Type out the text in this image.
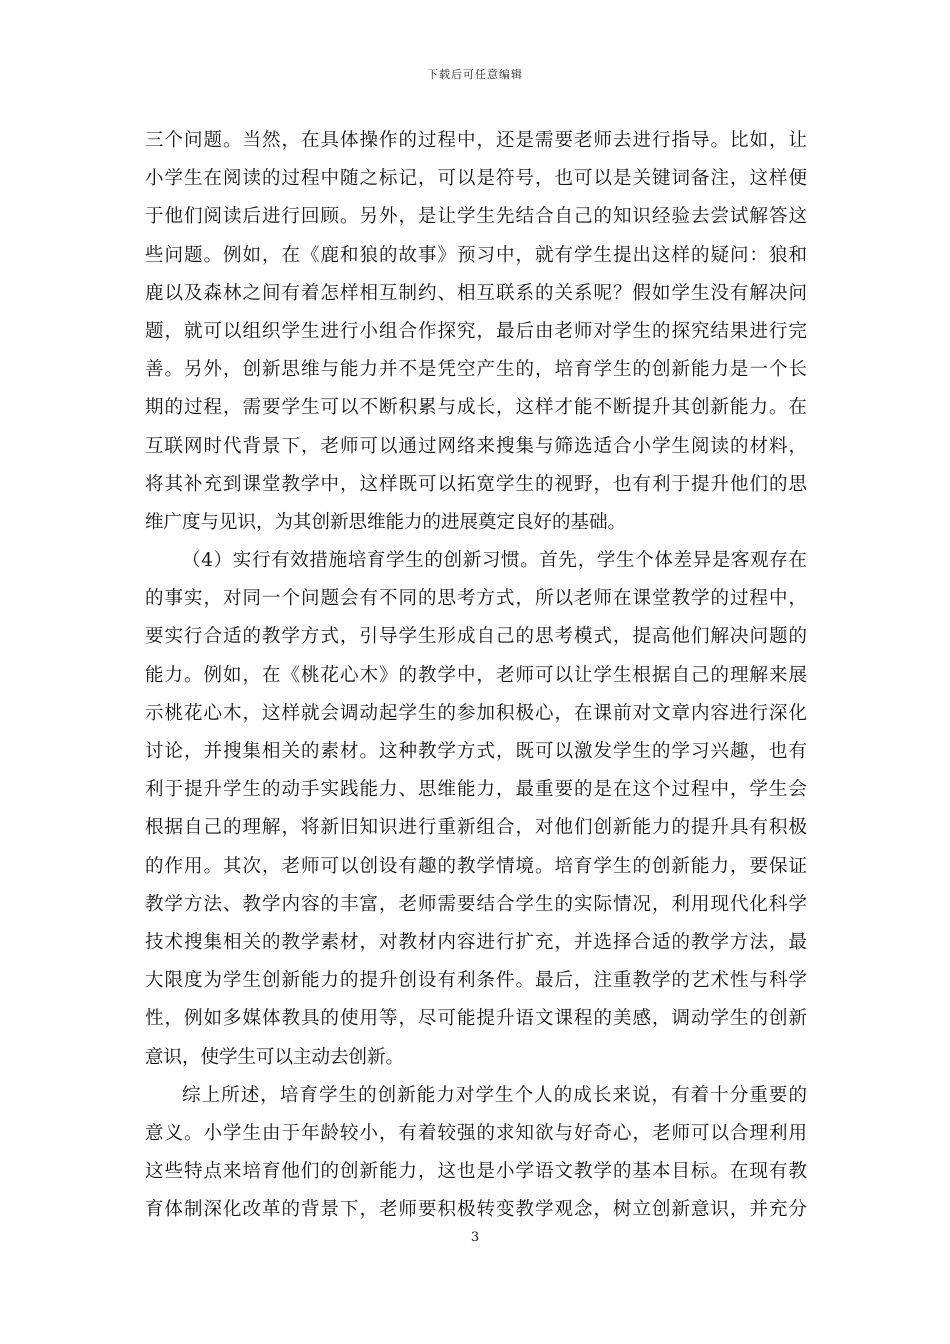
下载后可任意编辑
三个问题。当然，在具体操作的过程中，还是需要老师去进行指导。比如，让
小学生在阅读的过程中随之标记，可以是符号，也可以是关键词备注，这样便
于他们阅读后进行回顾。另外，是让学生先结合自己的知识经验去尝试解答这
些问题。例如，在《鹿和狼的故事》预习中，就有学生提出这样的疑问：狼和
鹿以及森林之间有着怎样相互制约、相互联系的关系呢？假如学生没有解决问
题，就可以组织学生进行小组合作探究，最后由老师对学生的探究结果进行完
善。另外，创新思维与能力并不是凭空产生的，培育学生的创新能力是一个长
期的过程，需要学生可以不断积累与成长，这样才能不断提升其创新能力。在
互联网时代背景下，老师可以通过网络来搜集与筛选适合小学生阅读的材料，
将其补充到课堂教学中，这样既可以拓宽学生的视野，也有利于提升他们的思
维广度与见识，为其创新思维能力的进展奠定良好的基础。
（4）实行有效措施培育学生的创新习惯。首先，学生个体差异是客观存在
的事实，对同一个问题会有不同的思考方式，所以老师在课堂教学的过程中，
要实行合适的教学方式，引导学生形成自己的思考模式，提高他们解决问题的
能力。例如，在《桃花心木》的教学中，老师可以让学生根据自己的理解来展
示桃花心木，这样就会调动起学生的参加积极心，在课前对文章内容进行深化
讨论，并搜集相关的素材。这种教学方式，既可以激发学生的学习兴趣，也有
利于提升学生的动手实践能力、思维能力，最重要的是在这个过程中，学生会
根据自己的理解，将新旧知识进行重新组合，对他们创新能力的提升具有积极
的作用。其次，老师可以创设有趣的教学情境。培育学生的创新能力，要保证
教学方法、教学内容的丰富，老师需要结合学生的实际情况，利用现代化科学
技术搜集相关的教学素材，对教材内容进行扩充，并选择合适的教学方法，最
大限度为学生创新能力的提升创设有利条件。最后，注重教学的艺术性与科学
性，例如多媒体教具的使用等，尽可能提升语文课程的美感，调动学生的创新
意识，使学生可以主动去创新。
综上所述，培育学生的创新能力对学生个人的成长来说，有着十分重要的
意义。小学生由于年龄较小，有着较强的求知欲与好奇心，老师可以合理利用
这些特点来培育他们的创新能力，这也是小学语文教学的基本目标。在现有教
育体制深化改革的背景下，老师要积极转变教学观念，树立创新意识，并充分
3
